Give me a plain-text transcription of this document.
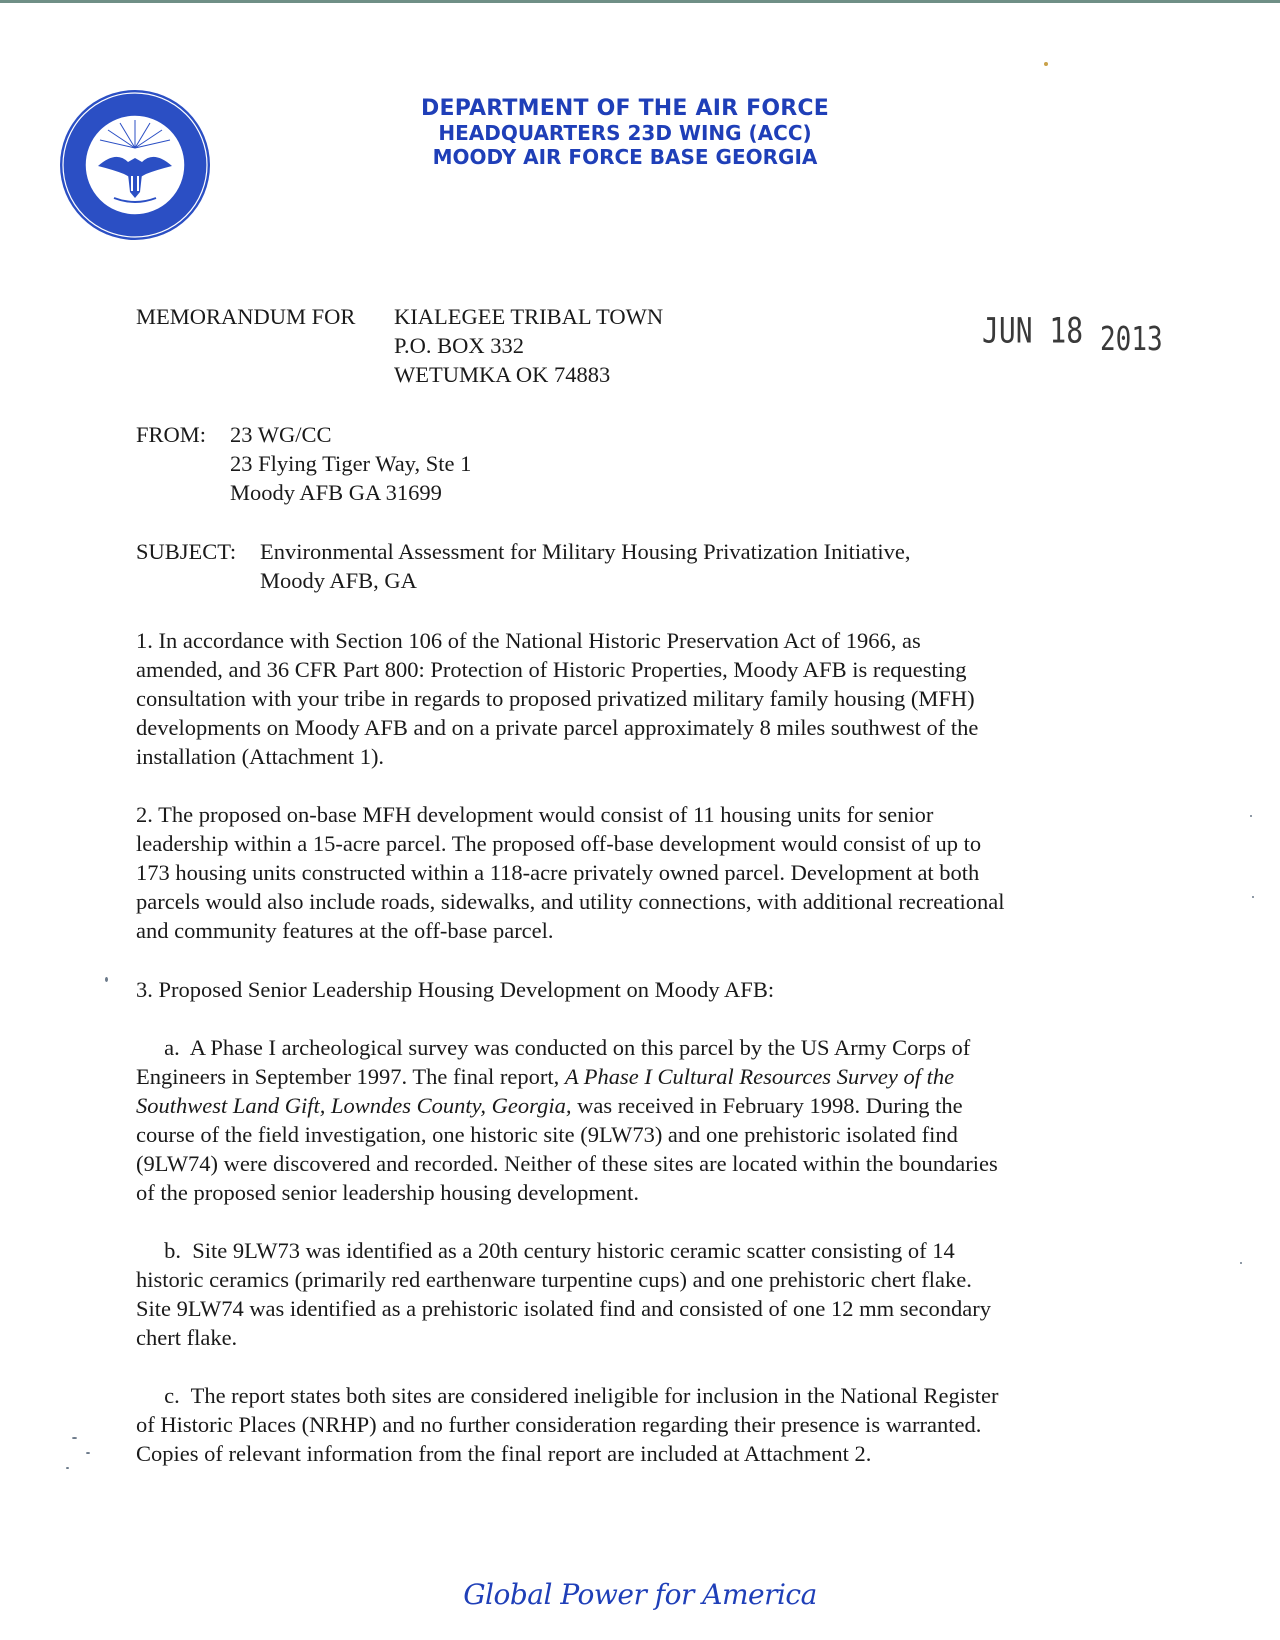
DEPARTMENT OF THE AIR FORCE
HEADQUARTERS 23D WING (ACC)
MOODY AIR FORCE BASE GEORGIA
JUN 18 2013
MEMORANDUM FOR KIALEGEE TRIBAL TOWN
P.O. BOX 332
WETUMKA OK 74883
FROM: 23 WG/CC
23 Flying Tiger Way, Ste 1
Moody AFB GA 31699
SUBJECT: Environmental Assessment for Military Housing Privatization Initiative,
Moody AFB, GA
1. In accordance with Section 106 of the National Historic Preservation Act of 1966, as
amended, and 36 CFR Part 800: Protection of Historic Properties, Moody AFB is requesting
consultation with your tribe in regards to proposed privatized military family housing (MFH)
developments on Moody AFB and on a private parcel approximately 8 miles southwest of the
installation (Attachment 1).
2. The proposed on-base MFH development would consist of 11 housing units for senior
leadership within a 15-acre parcel. The proposed off-base development would consist of up to
173 housing units constructed within a 118-acre privately owned parcel. Development at both
parcels would also include roads, sidewalks, and utility connections, with additional recreational
and community features at the off-base parcel.
3. Proposed Senior Leadership Housing Development on Moody AFB:
a.  A Phase I archeological survey was conducted on this parcel by the US Army Corps of
Engineers in September 1997. The final report, A Phase I Cultural Resources Survey of the
Southwest Land Gift, Lowndes County, Georgia, was received in February 1998. During the
course of the field investigation, one historic site (9LW73) and one prehistoric isolated find
(9LW74) were discovered and recorded. Neither of these sites are located within the boundaries
of the proposed senior leadership housing development.
b.  Site 9LW73 was identified as a 20th century historic ceramic scatter consisting of 14
historic ceramics (primarily red earthenware turpentine cups) and one prehistoric chert flake.
Site 9LW74 was identified as a prehistoric isolated find and consisted of one 12 mm secondary
chert flake.
c.  The report states both sites are considered ineligible for inclusion in the National Register
of Historic Places (NRHP) and no further consideration regarding their presence is warranted.
Copies of relevant information from the final report are included at Attachment 2.
Global Power for America
